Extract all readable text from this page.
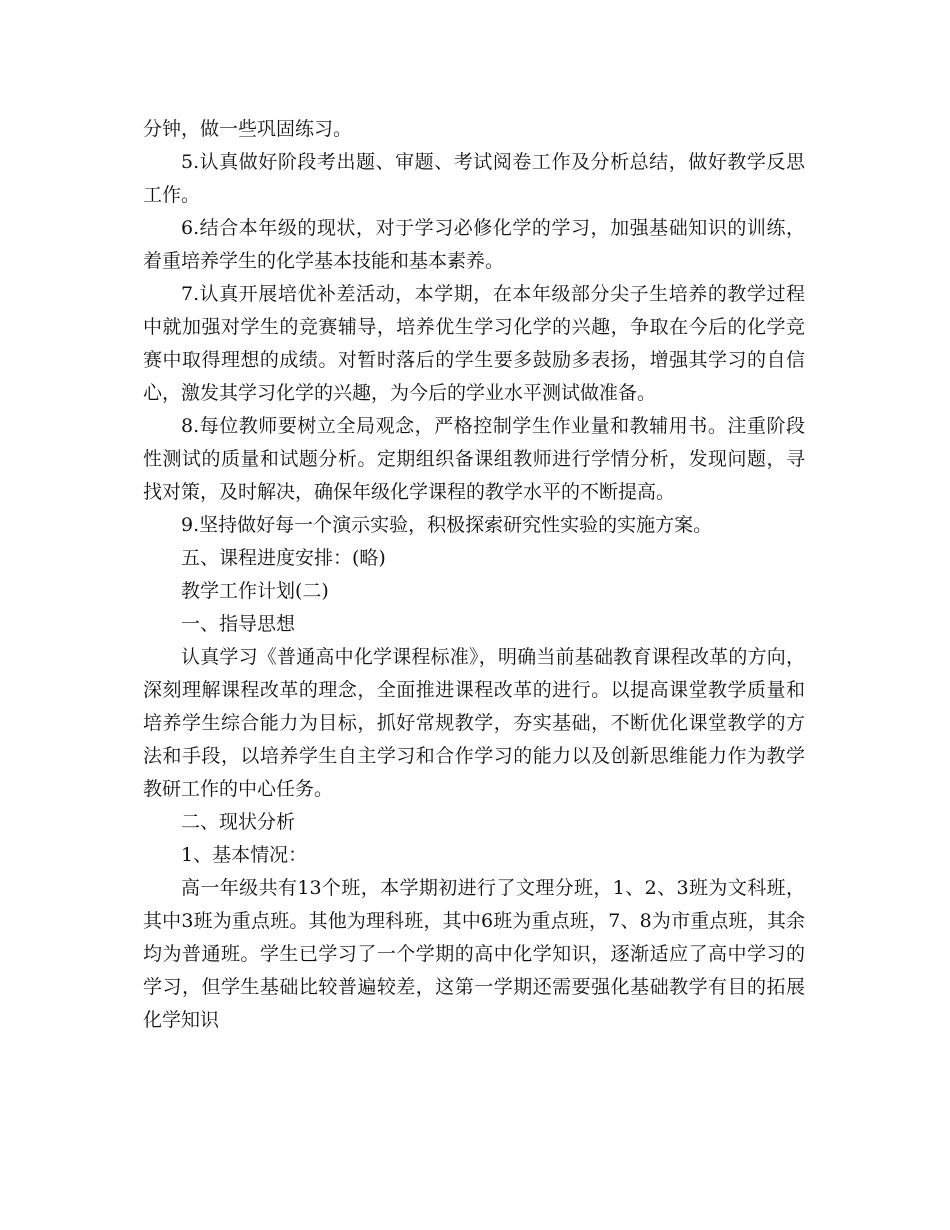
分钟，做一些巩固练习。

5.认真做好阶段考出题、审题、考试阅卷工作及分析总结，做好教学反思工作。

6.结合本年级的现状，对于学习必修化学的学习，加强基础知识的训练，着重培养学生的化学基本技能和基本素养。

7.认真开展培优补差活动，本学期，在本年级部分尖子生培养的教学过程中就加强对学生的竞赛辅导，培养优生学习化学的兴趣，争取在今后的化学竞赛中取得理想的成绩。对暂时落后的学生要多鼓励多表扬，增强其学习的自信心，激发其学习化学的兴趣，为今后的学业水平测试做准备。

8.每位教师要树立全局观念，严格控制学生作业量和教辅用书。注重阶段性测试的质量和试题分析。定期组织备课组教师进行学情分析，发现问题，寻找对策，及时解决，确保年级化学课程的教学水平的不断提高。

9.坚持做好每一个演示实验，积极探索研究性实验的实施方案。

五、课程进度安排：(略)

教学工作计划(二)

一、指导思想

认真学习《普通高中化学课程标准》，明确当前基础教育课程改革的方向，深刻理解课程改革的理念，全面推进课程改革的进行。以提高课堂教学质量和培养学生综合能力为目标，抓好常规教学，夯实基础，不断优化课堂教学的方法和手段，以培养学生自主学习和合作学习的能力以及创新思维能力作为教学教研工作的中心任务。

二、现状分析

1、基本情况：

高一年级共有13个班，本学期初进行了文理分班，1、2、3班为文科班，其中3班为重点班。其他为理科班，其中6班为重点班，7、8为市重点班，其余均为普通班。学生已学习了一个学期的高中化学知识，逐渐适应了高中学习的学习，但学生基础比较普遍较差，这第一学期还需要强化基础教学有目的拓展化学知识
